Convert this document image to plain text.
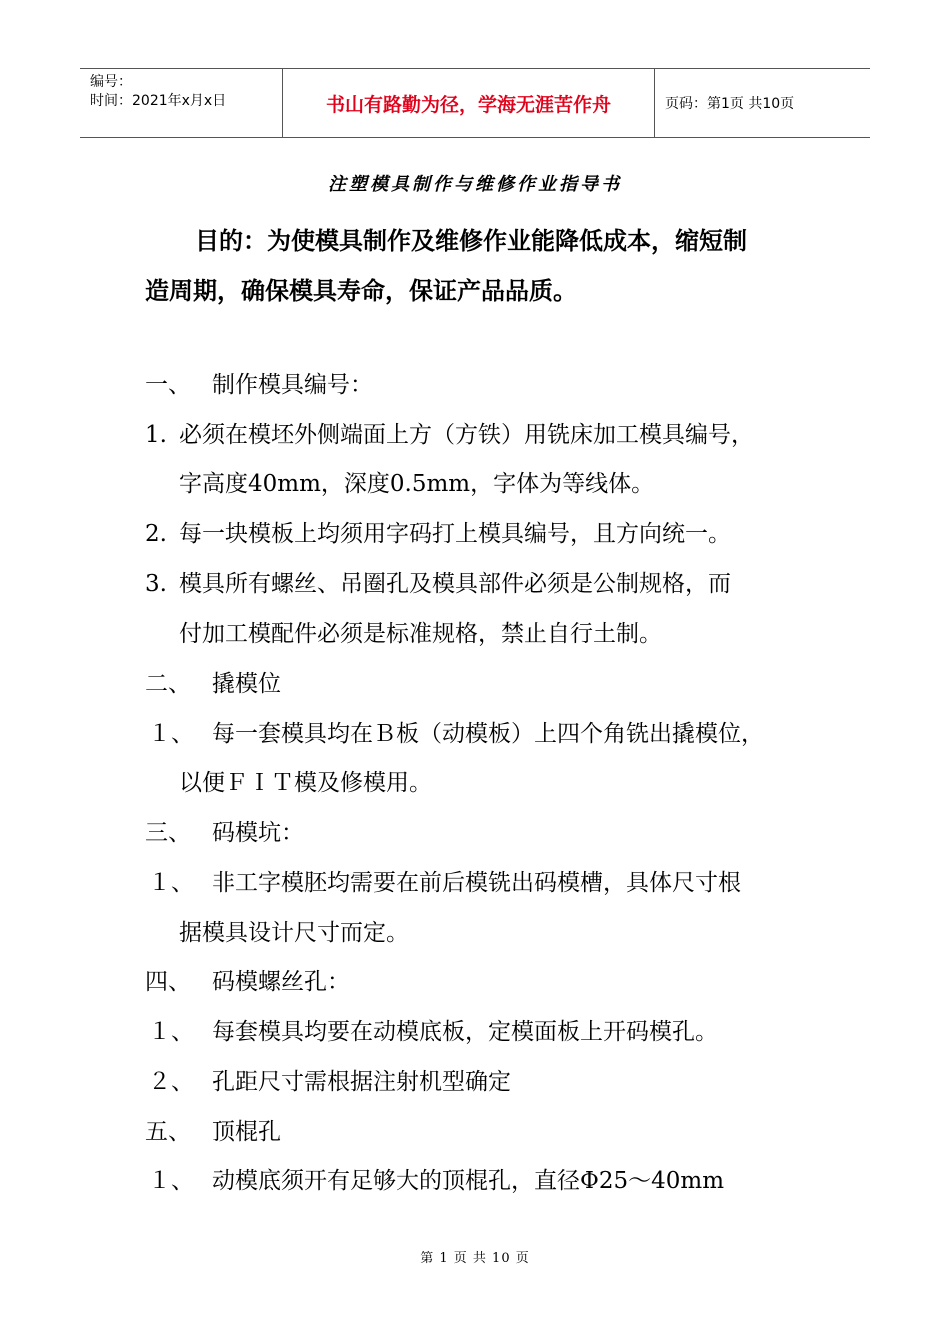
编号：
时间：2021年x月x日	书山有路勤为径，学海无涯苦作舟	页码：第1页 共10页
注塑模具制作与维修作业指导书
目的：为使模具制作及维修作业能降低成本，缩短制
造周期，确保模具寿命，保证产品品质。
一、 制作模具编号：
1. 必须在模坯外侧端面上方（方铁）用铣床加工模具编号，
字高度40mm，深度0.5mm，字体为等线体。
2. 每一块模板上均须用字码打上模具编号，且方向统一。
3. 模具所有螺丝、吊圈孔及模具部件必须是公制规格，而
付加工模配件必须是标准规格，禁止自行土制。
二、 撬模位
１、 每一套模具均在Ｂ板（动模板）上四个角铣出撬模位，
以便ＦＩＴ模及修模用。
三、 码模坑：
１、 非工字模胚均需要在前后模铣出码模槽，具体尺寸根
据模具设计尺寸而定。
四、 码模螺丝孔：
１、 每套模具均要在动模底板，定模面板上开码模孔。
２、 孔距尺寸需根据注射机型确定
五、 顶棍孔
１、 动模底须开有足够大的顶棍孔，直径Φ25～40mm
第 1 页 共 10 页
